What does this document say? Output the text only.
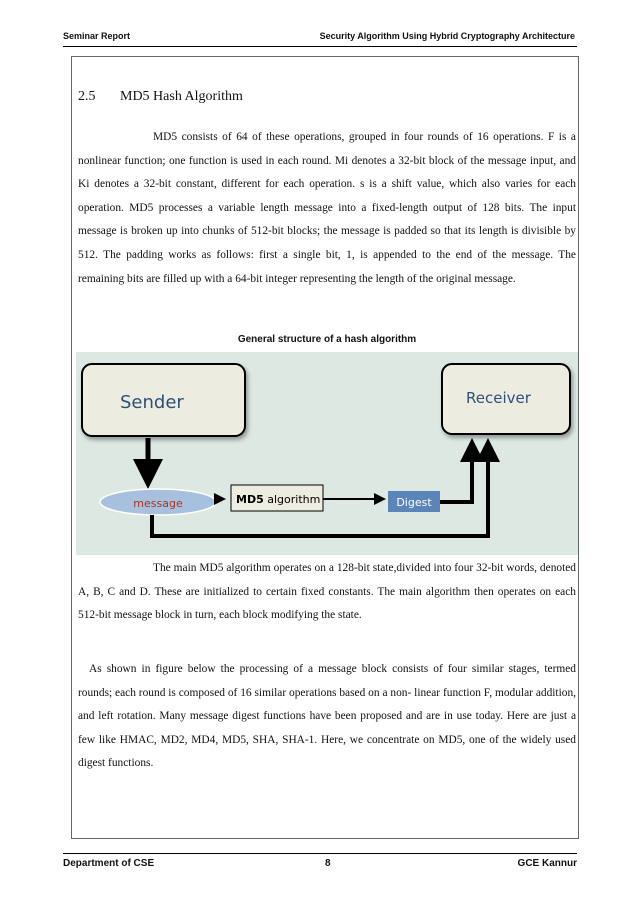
Seminar Report	Security Algorithm Using Hybrid Cryptography Architecture
2.5 MD5 Hash Algorithm

MD5 consists of 64 of these operations, grouped in four rounds of 16 operations. F is a nonlinear function; one function is used in each round. Mi denotes a 32-bit block of the message input, and Ki denotes a 32-bit constant, different for each operation. s is a shift value, which also varies for each operation. MD5 processes a variable length message into a fixed-length output of 128 bits. The input message is broken up into chunks of 512-bit blocks; the message is padded so that its length is divisible by 512. The padding works as follows: first a single bit, 1, is appended to the end of the message. The remaining bits are filled up with a 64-bit integer representing the length of the original message.

General structure of a hash algorithm
Sender	Receiver
message	MD5 algorithm	Digest

The main MD5 algorithm operates on a 128-bit state,divided into four 32-bit words, denoted A, B, C and D. These are initialized to certain fixed constants. The main algorithm then operates on each 512-bit message block in turn, each block modifying the state.

As shown in figure below the processing of a message block consists of four similar stages, termed rounds; each round is composed of 16 similar operations based on a non- linear function F, modular addition, and left rotation. Many message digest functions have been proposed and are in use today. Here are just a few like HMAC, MD2, MD4, MD5, SHA, SHA-1. Here, we concentrate on MD5, one of the widely used digest functions.

Department of CSE	8	GCE Kannur
